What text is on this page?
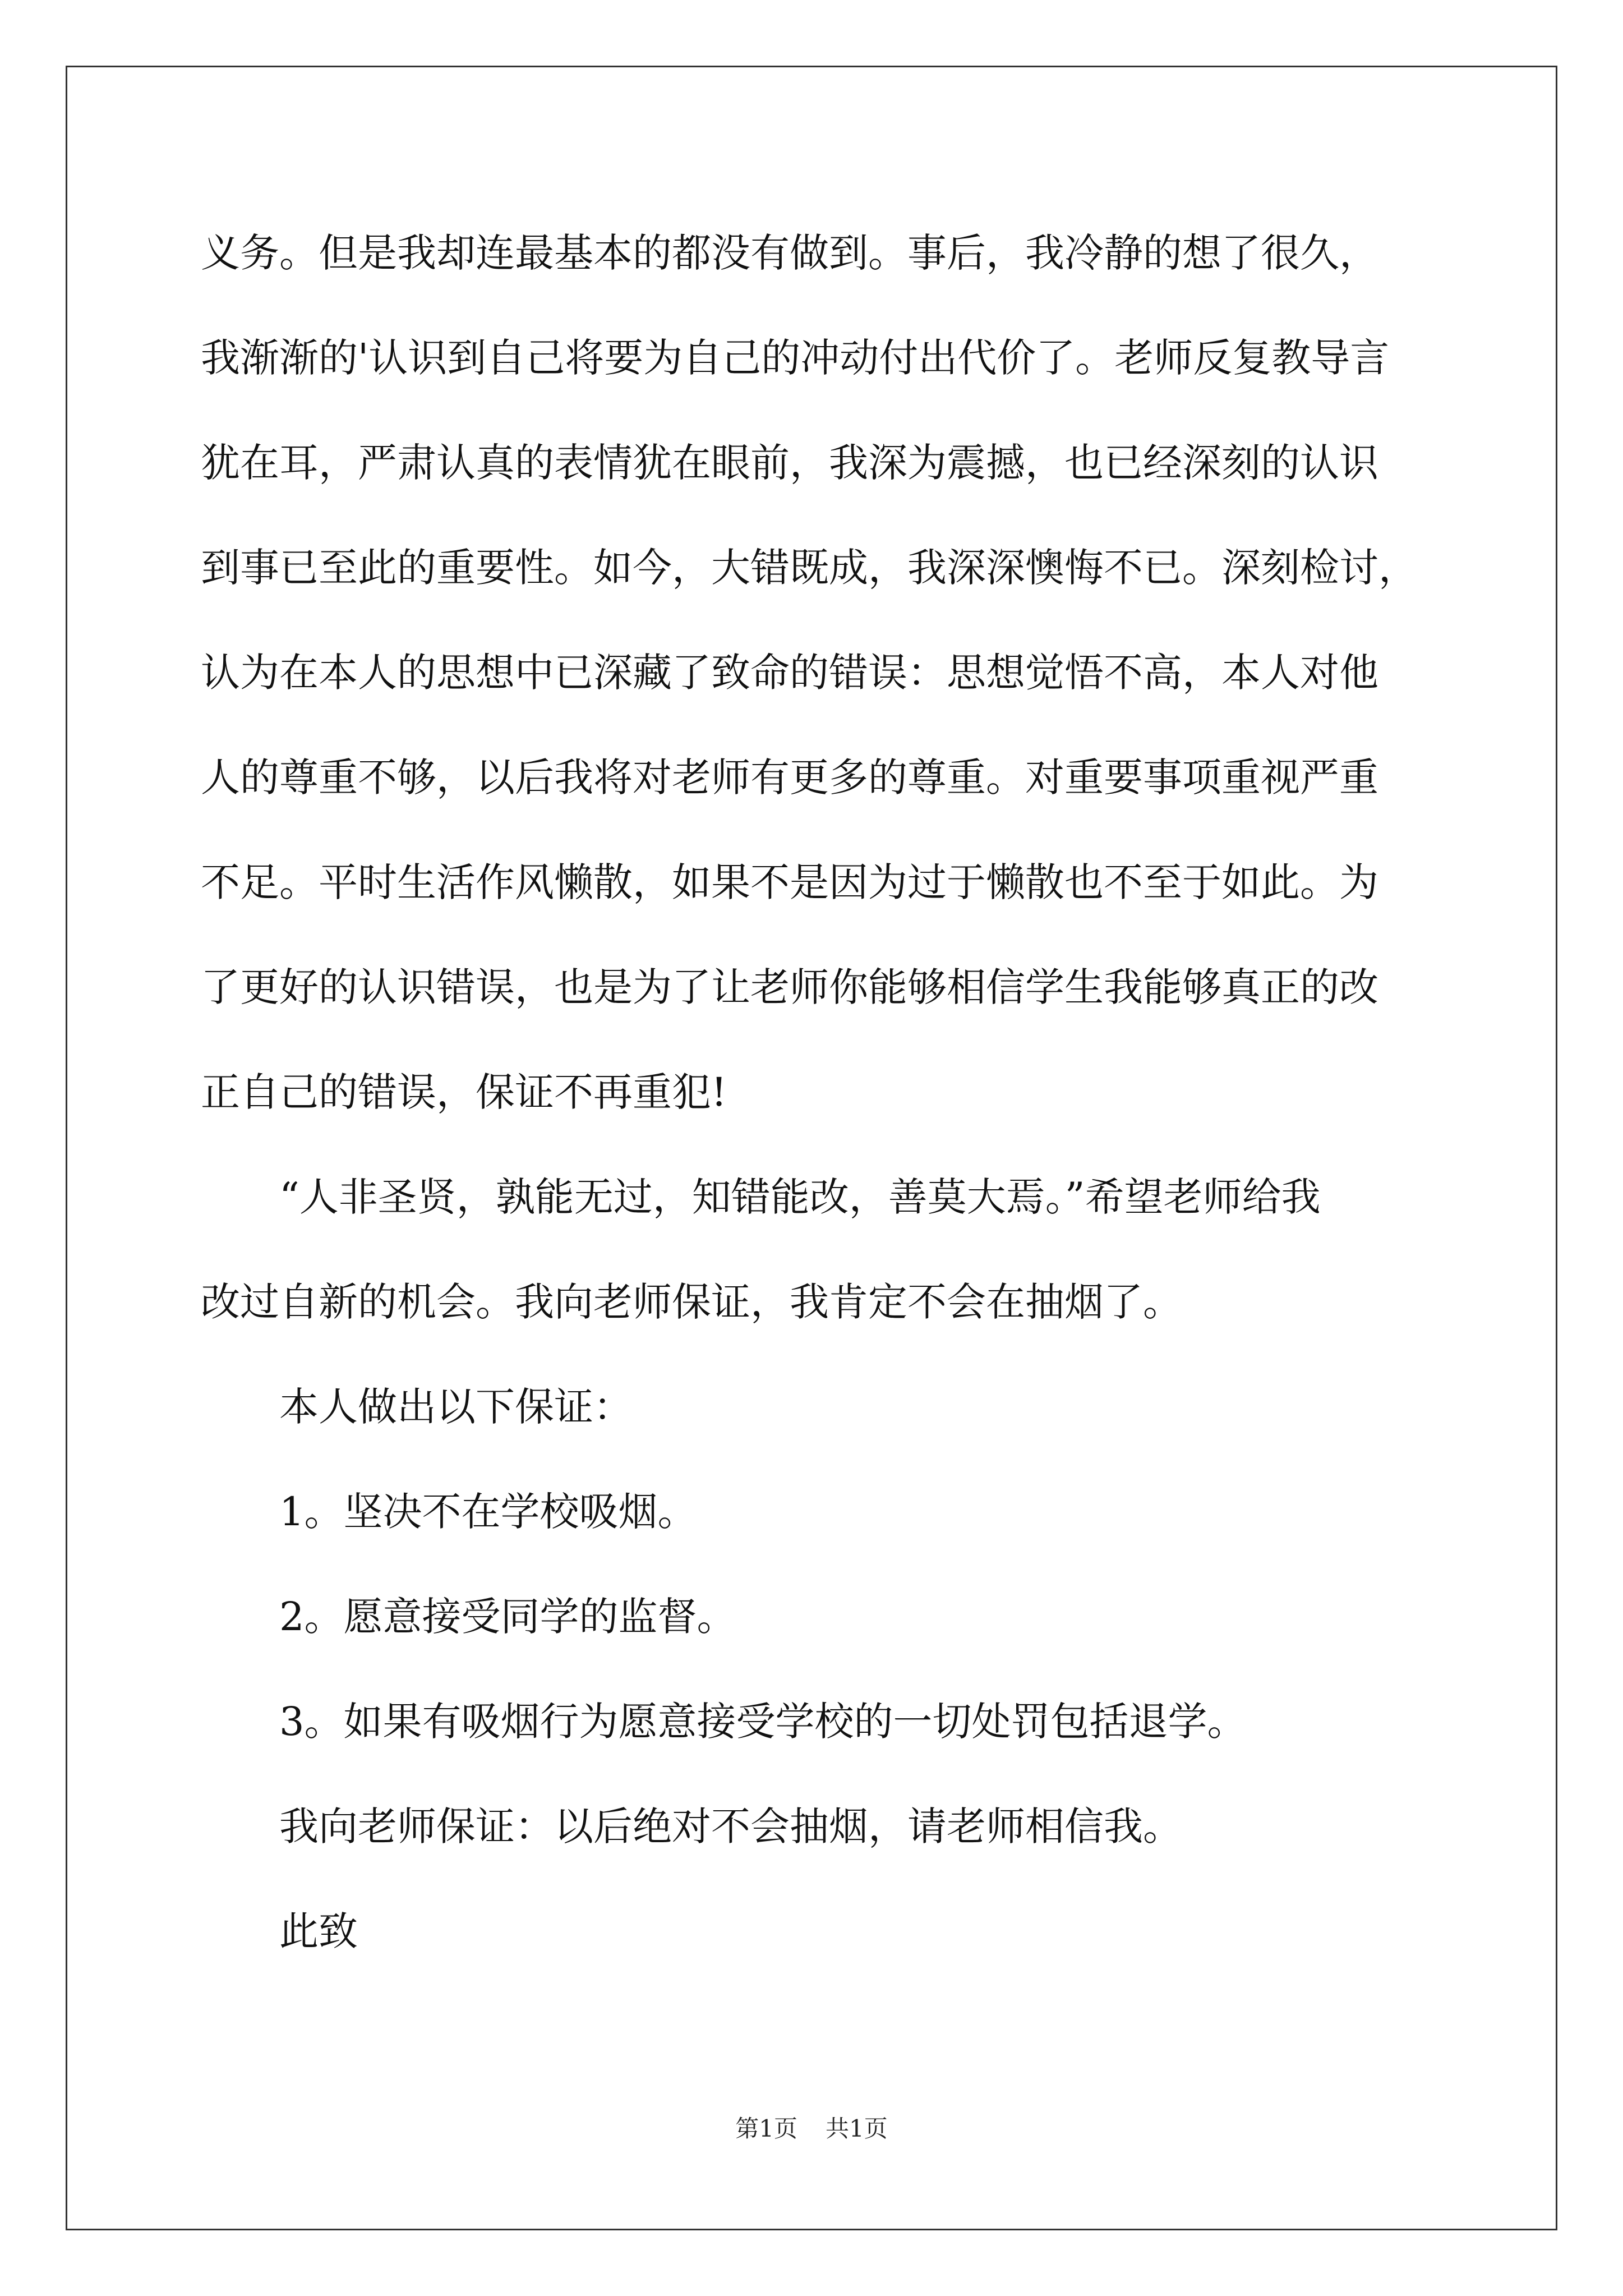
义务。但是我却连最基本的都没有做到。事后，我冷静的想了很久，

我渐渐的'认识到自己将要为自己的冲动付出代价了。老师反复教导言

犹在耳，严肃认真的表情犹在眼前，我深为震撼，也已经深刻的认识

到事已至此的重要性。如今，大错既成，我深深懊悔不已。深刻检讨，

认为在本人的思想中已深藏了致命的错误：思想觉悟不高，本人对他

人的尊重不够，以后我将对老师有更多的尊重。对重要事项重视严重

不足。平时生活作风懒散，如果不是因为过于懒散也不至于如此。为

了更好的认识错误，也是为了让老师你能够相信学生我能够真正的改

正自己的错误，保证不再重犯!

“人非圣贤，孰能无过，知错能改，善莫大焉。”希望老师给我

改过自新的机会。我向老师保证，我肯定不会在抽烟了。

本人做出以下保证：

1。坚决不在学校吸烟。

2。愿意接受同学的监督。

3。如果有吸烟行为愿意接受学校的一切处罚包括退学。

我向老师保证：以后绝对不会抽烟，请老师相信我。

此致

第1页 共1页
